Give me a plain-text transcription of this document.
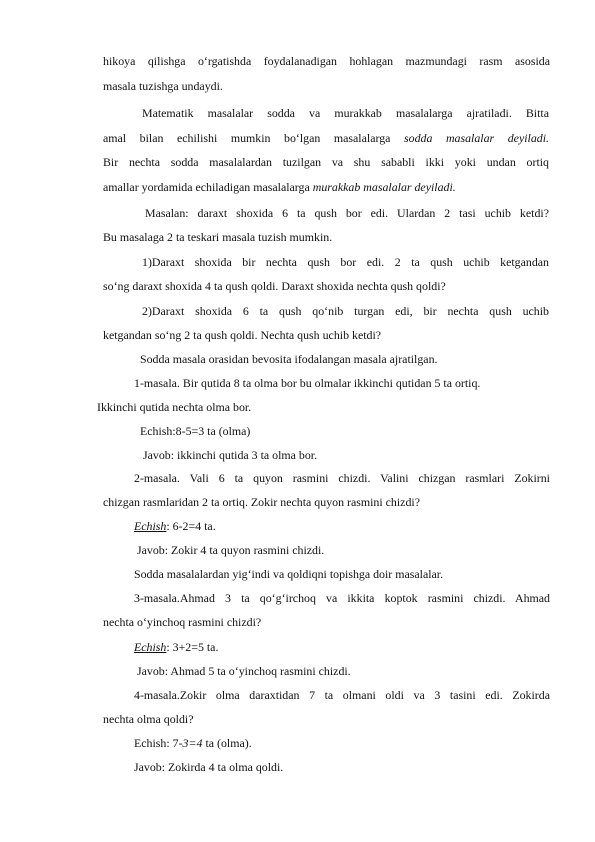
hikoya qilishga o‘rgatishda foydalanadigan hohlagan mazmundagi rasm asosida
masala tuzishga undaydi.
Matematik masalalar sodda va murakkab masalalarga ajratiladi. Bitta
amal bilan echilishi mumkin bo‘lgan masalalarga sodda masalalar deyiladi.
Bir nechta sodda masalalardan tuzilgan va shu sababli ikki yoki undan ortiq
amallar yordamida echiladigan masalalarga murakkab masalalar deyiladi.
Masalan: daraxt shoxida 6 ta qush bor edi. Ulardan 2 tasi uchib ketdi?
Bu masalaga 2 ta teskari masala tuzish mumkin.
1)Daraxt shoxida bir nechta qush bor edi. 2 ta qush uchib ketgandan
so‘ng daraxt shoxida 4 ta qush qoldi. Daraxt shoxida nechta qush qoldi?
2)Daraxt shoxida 6 ta qush qo‘nib turgan edi, bir nechta qush uchib
ketgandan so‘ng 2 ta qush qoldi. Nechta qush uchib ketdi?
Sodda masala orasidan bevosita ifodalangan masala ajratilgan.
1-masala. Bir qutida 8 ta olma bor bu olmalar ikkinchi qutidan 5 ta ortiq.
Ikkinchi qutida nechta olma bor.
Echish:8-5=3 ta (olma)
Javob: ikkinchi qutida 3 ta olma bor.
2-masala. Vali 6 ta quyon rasmini chizdi. Valini chizgan rasmlari Zokirni
chizgan rasmlaridan 2 ta ortiq. Zokir nechta quyon rasmini chizdi?
Echish: 6-2=4 ta.
Javob: Zokir 4 ta quyon rasmini chizdi.
Sodda masalalardan yig‘indi va qoldiqni topishga doir masalalar.
3-masala.Ahmad 3 ta qo‘g‘irchoq va ikkita koptok rasmini chizdi. Ahmad
nechta o‘yinchoq rasmini chizdi?
Echish: 3+2=5 ta.
Javob: Ahmad 5 ta o‘yinchoq rasmini chizdi.
4-masala.Zokir olma daraxtidan 7 ta olmani oldi va 3 tasini edi. Zokirda
nechta olma qoldi?
Echish: 7-3=4 ta (olma).
Javob: Zokirda 4 ta olma qoldi.
